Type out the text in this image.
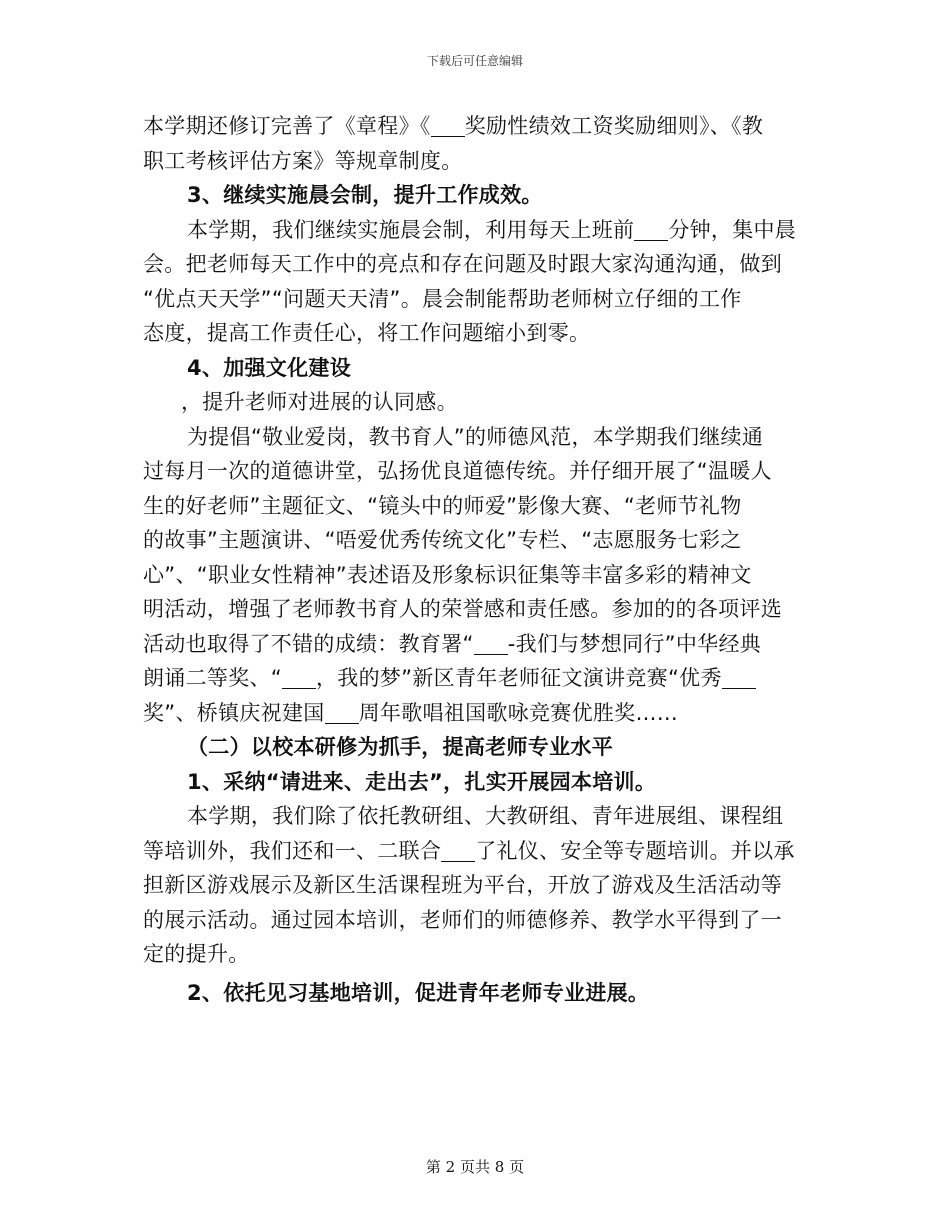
下载后可任意编辑
本学期还修订完善了《章程》《 奖励性绩效工资奖励细则》、《教
职工考核评估方案》等规章制度。
3、继续实施晨会制，提升工作成效。
本学期，我们继续实施晨会制，利用每天上班前 分钟，集中晨
会。把老师每天工作中的亮点和存在问题及时跟大家沟通沟通，做到
“优点天天学”“问题天天清”。晨会制能帮助老师树立仔细的工作
态度，提高工作责任心，将工作问题缩小到零。
4、加强文化建设
，提升老师对进展的认同感。
为提倡“敬业爱岗，教书育人”的师德风范，本学期我们继续通
过每月一次的道德讲堂，弘扬优良道德传统。并仔细开展了“温暖人
生的好老师”主题征文、“镜头中的师爱”影像大赛、“老师节礼物
的故事”主题演讲、“唔爱优秀传统文化”专栏、“志愿服务七彩之
心”、“职业女性精神”表述语及形象标识征集等丰富多彩的精神文
明活动，增强了老师教书育人的荣誉感和责任感。参加的的各项评选
活动也取得了不错的成绩：教育署“ -我们与梦想同行”中华经典
朗诵二等奖、“ ，我的梦”新区青年老师征文演讲竞赛“优秀
奖”、桥镇庆祝建国 周年歌唱祖国歌咏竞赛优胜奖……
（二）以校本研修为抓手，提高老师专业水平
1、采纳“请进来、走出去”，扎实开展园本培训。
本学期，我们除了依托教研组、大教研组、青年进展组、课程组
等培训外，我们还和一、二联合 了礼仪、安全等专题培训。并以承
担新区游戏展示及新区生活课程班为平台，开放了游戏及生活活动等
的展示活动。通过园本培训，老师们的师德修养、教学水平得到了一
定的提升。
2、依托见习基地培训，促进青年老师专业进展。
第 2 页共 8 页
